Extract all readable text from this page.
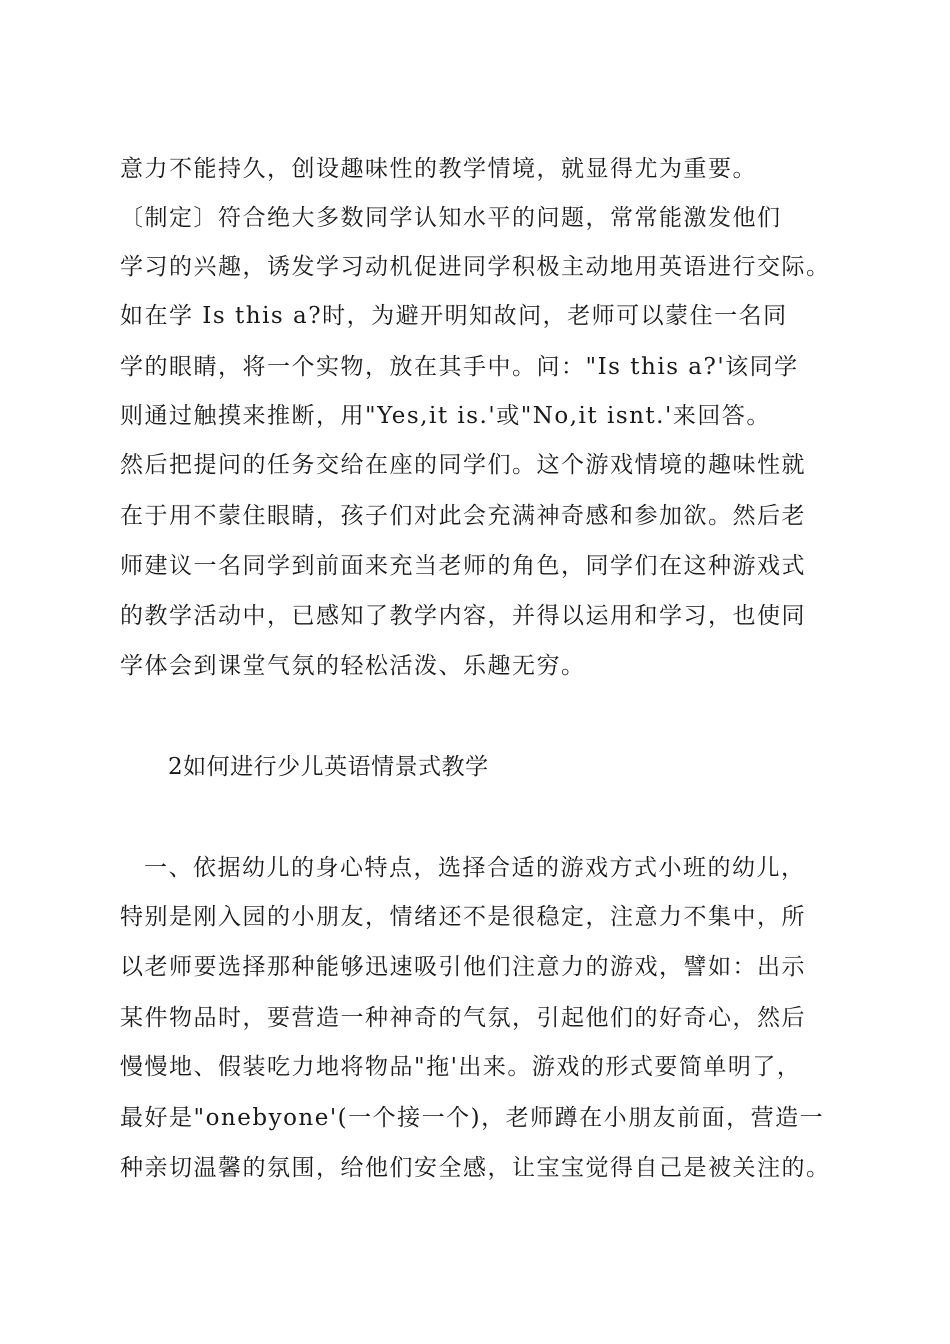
意力不能持久，创设趣味性的教学情境，就显得尤为重要。
〔制定〕符合绝大多数同学认知水平的问题，常常能激发他们
学习的兴趣，诱发学习动机促进同学积极主动地用英语进行交际。
如在学 Is this a?时，为避开明知故问，老师可以蒙住一名同
学的眼睛，将一个实物，放在其手中。问："Is this a?'该同学
则通过触摸来推断，用"Yes,it is.'或"No,it isnt.'来回答。
然后把提问的任务交给在座的同学们。这个游戏情境的趣味性就
在于用不蒙住眼睛，孩子们对此会充满神奇感和参加欲。然后老
师建议一名同学到前面来充当老师的角色，同学们在这种游戏式
的教学活动中，已感知了教学内容，并得以运用和学习，也使同
学体会到课堂气氛的轻松活泼、乐趣无穷。
2如何进行少儿英语情景式教学
一、依据幼儿的身心特点，选择合适的游戏方式小班的幼儿，
特别是刚入园的小朋友，情绪还不是很稳定，注意力不集中，所
以老师要选择那种能够迅速吸引他们注意力的游戏，譬如：出示
某件物品时，要营造一种神奇的气氛，引起他们的好奇心，然后
慢慢地、假装吃力地将物品"拖'出来。游戏的形式要简单明了，
最好是"onebyone'(一个接一个)，老师蹲在小朋友前面，营造一
种亲切温馨的氛围，给他们安全感，让宝宝觉得自己是被关注的。
